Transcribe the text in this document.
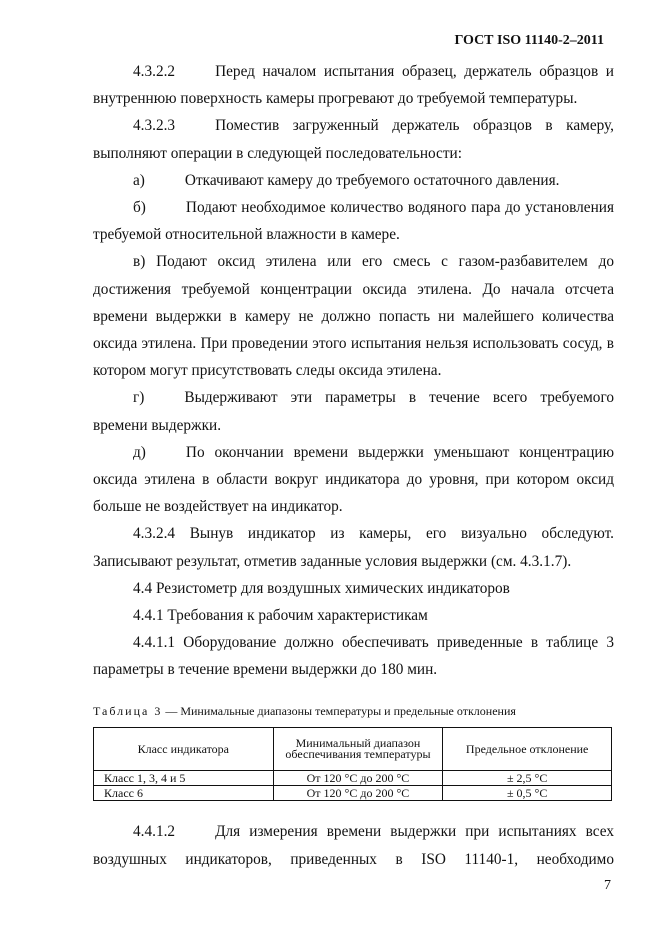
ГОСТ ISO 11140-2–2011

4.3.2.2	Перед началом испытания образец, держатель образцов и внутреннюю поверхность камеры прогревают до требуемой температуры.

4.3.2.3	Поместив загруженный держатель образцов в камеру, выполняют операции в следующей последовательности:

а)	Откачивают камеру до требуемого остаточного давления.

б)	Подают необходимое количество водяного пара до установления требуемой относительной влажности в камере.

в) Подают оксид этилена или его смесь с газом-разбавителем до достижения требуемой концентрации оксида этилена. До начала отсчета времени выдержки в камеру не должно попасть ни малейшего количества оксида этилена. При проведении этого испытания нельзя использовать сосуд, в котором могут присутствовать следы оксида этилена.

г)	Выдерживают эти параметры в течение всего требуемого времени выдержки.

д)	По окончании времени выдержки уменьшают концентрацию оксида этилена в области вокруг индикатора до уровня, при котором оксид больше не воздействует на индикатор.

4.3.2.4 Вынув индикатор из камеры, его визуально обследуют. Записывают результат, отметив заданные условия выдержки (см. 4.3.1.7).

4.4 Резистометр для воздушных химических индикаторов

4.4.1 Требования к рабочим характеристикам

4.4.1.1 Оборудование должно обеспечивать приведенные в таблице 3 параметры в течение времени выдержки до 180 мин.

Таблица 3 — Минимальные диапазоны температуры и предельные отклонения
Класс индикатора	Минимальный диапазон обеспечивания температуры	Предельное отклонение
Класс 1, 3, 4 и 5	От 120 °C до 200 °C	± 2,5 °C
Класс 6	От 120 °C до 200 °C	± 0,5 °C

4.4.1.2	Для измерения времени выдержки при испытаниях всех воздушных индикаторов, приведенных в ISO 11140-1, необходимо

7
